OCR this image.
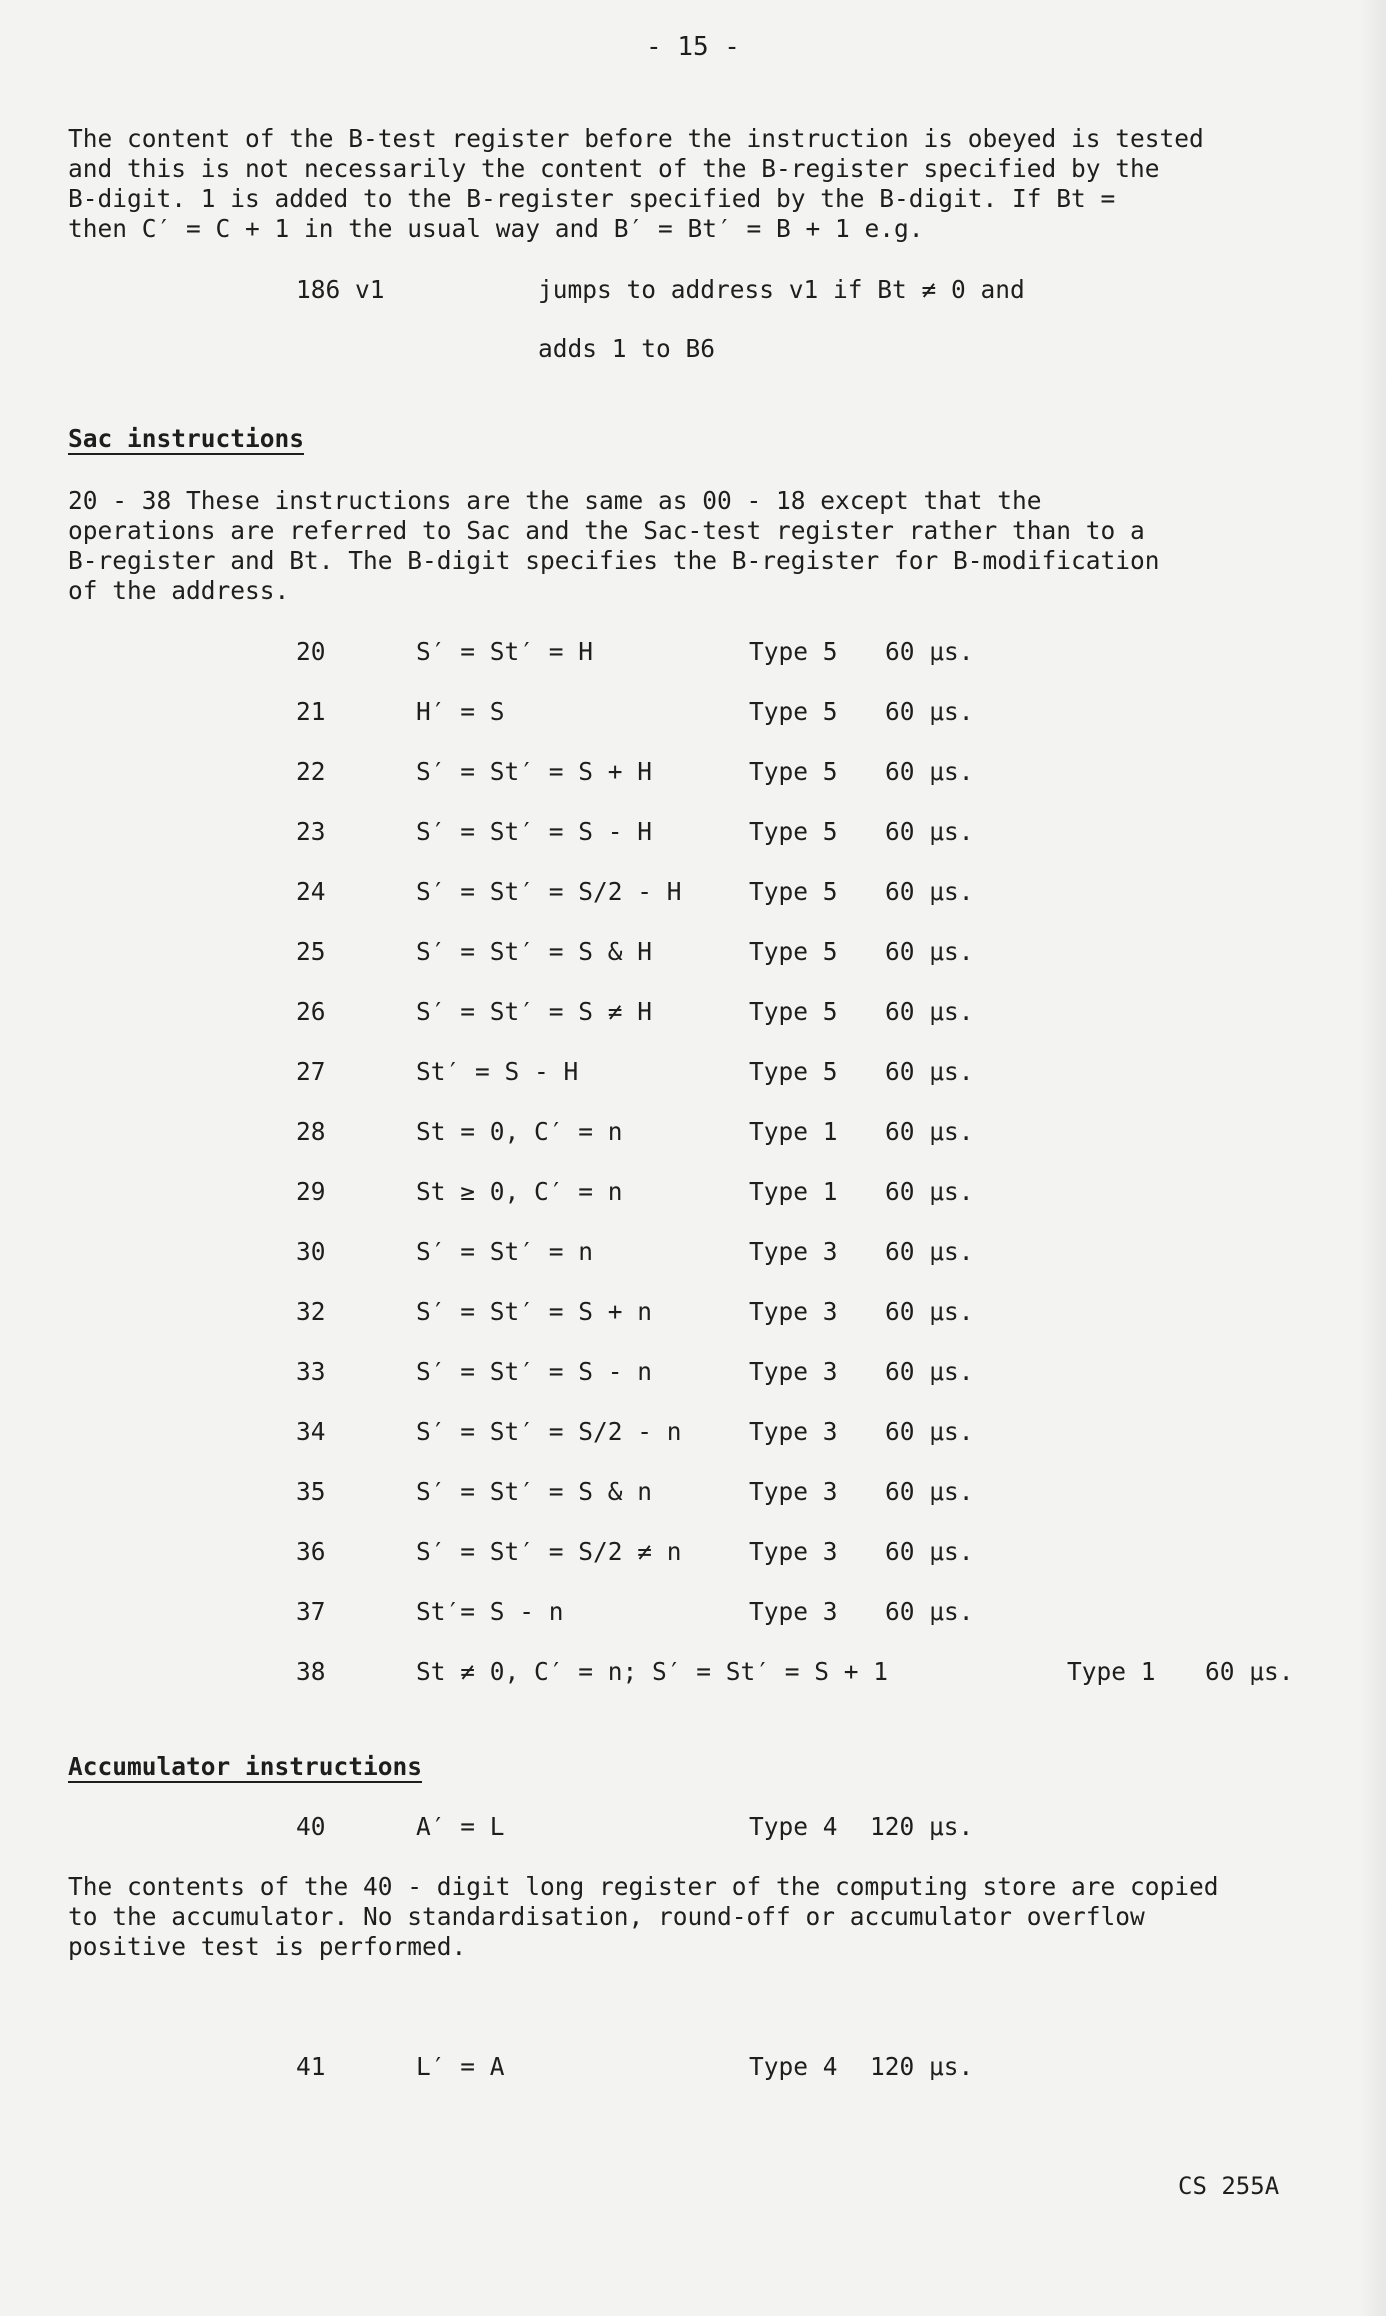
- 15 -
The content of the B-test register before the instruction is obeyed is tested
and this is not necessarily the content of the B-register specified by the
B-digit. 1 is added to the B-register specified by the B-digit. If Bt =
then C′ = C + 1 in the usual way and B′ = Bt′ = B + 1 e.g.
186 v1	jumps to address v1 if Bt ≠ 0 and
adds 1 to B6
Sac instructions
20 - 38 These instructions are the same as 00 - 18 except that the
operations are referred to Sac and the Sac-test register rather than to a
B-register and Bt. The B-digit specifies the B-register for B-modification
of the address.
20	S′ = St′ = H	Type 5 60 μs.
21	H′ = S	Type 5 60 μs.
22	S′ = St′ = S + H	Type 5 60 μs.
23	S′ = St′ = S - H	Type 5 60 μs.
24	S′ = St′ = S/2 - H	Type 5 60 μs.
25	S′ = St′ = S & H	Type 5 60 μs.
26	S′ = St′ = S ≠ H	Type 5 60 μs.
27	St′ = S - H	Type 5 60 μs.
28	St = 0, C′ = n	Type 1 60 μs.
29	St ≥ 0, C′ = n	Type 1 60 μs.
30	S′ = St′ = n	Type 3 60 μs.
32	S′ = St′ = S + n	Type 3 60 μs.
33	S′ = St′ = S - n	Type 3 60 μs.
34	S′ = St′ = S/2 - n	Type 3 60 μs.
35	S′ = St′ = S & n	Type 3 60 μs.
36	S′ = St′ = S/2 ≠ n	Type 3 60 μs.
37	St′= S - n	Type 3 60 μs.
38	St ≠ 0, C′ = n; S′ = St′ = S + 1	Type 1 60 μs.
Accumulator instructions
40	A′ = L	Type 4 120 μs.
The contents of the 40 - digit long register of the computing store are copied
to the accumulator. No standardisation, round-off or accumulator overflow
positive test is performed.
41	L′ = A	Type 4 120 μs.
CS 255A
